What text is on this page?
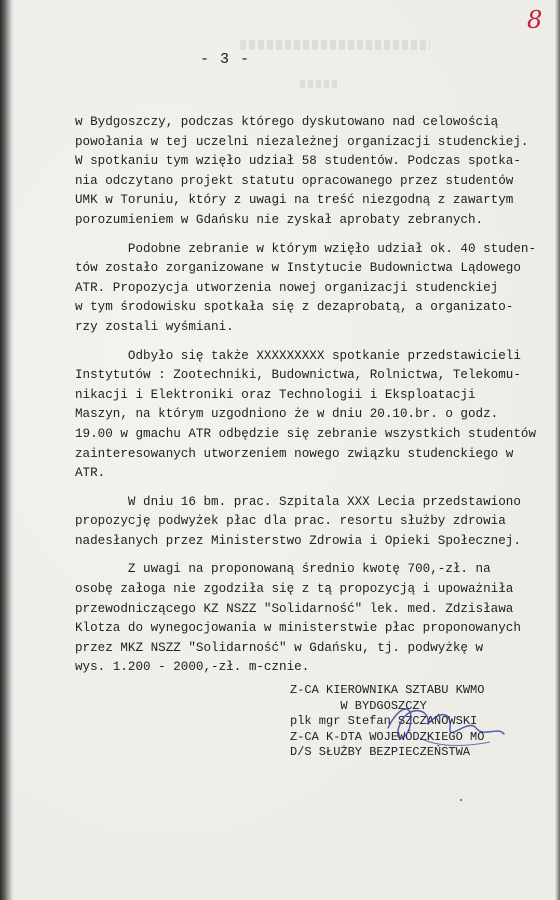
8
- 3 -
w Bydgoszczy, podczas którego dyskutowano nad celowością
powołania w tej uczelni niezależnej organizacji studenckiej.
W spotkaniu tym wzięło udział 58 studentów. Podczas spotka-
nia odczytano projekt statutu opracowanego przez studentów
UMK w Toruniu, który z uwagi na treść niezgodną z zawartym
porozumieniem w Gdańsku nie zyskał aprobaty zebranych.
Podobne zebranie w którym wzięło udział ok. 40 studen-
tów zostało zorganizowane w Instytucie Budownictwa Lądowego
ATR. Propozycja utworzenia nowej organizacji studenckiej
w tym środowisku spotkała się z dezaprobatą, a organizato-
rzy zostali wyśmiani.
Odbyło się także XXXXXXXXX spotkanie przedstawicieli
Instytutów : Zootechniki, Budownictwa, Rolnictwa, Telekomu-
nikacji i Elektroniki oraz Technologii i Eksploatacji
Maszyn, na którym uzgodniono że w dniu 20.10.br. o godz.
19.00 w gmachu ATR odbędzie się zebranie wszystkich studentów
zainteresowanych utworzeniem nowego związku studenckiego w
ATR.
W dniu 16 bm. prac. Szpitala XXX Lecia przedstawiono
propozycję podwyżek płac dla prac. resortu służby zdrowia
nadesłanych przez Ministerstwo Zdrowia i Opieki Społecznej.
Z uwagi na proponowaną średnio kwotę 700,-zł. na
osobę załoga nie zgodziła się z tą propozycją i upoważniła
przewodniczącego KZ NSZZ "Solidarność" lek. med. Zdzisława
Klotza do wynegocjowania w ministerstwie płac proponowanych
przez MKZ NSZZ "Solidarność" w Gdańsku, tj. podwyżkę w
wys. 1.200 - 2000,-zł. m-cznie.
Z-CA KIEROWNIKA SZTABU KWMO
W BYDGOSZCZY
plk mgr Stefan SZCZAŃOWSKI
Z-CA K-DTA WOJEWÓDZKIEGO MO
D/S SŁUŻBY BEZPIECZEŃSTWA
